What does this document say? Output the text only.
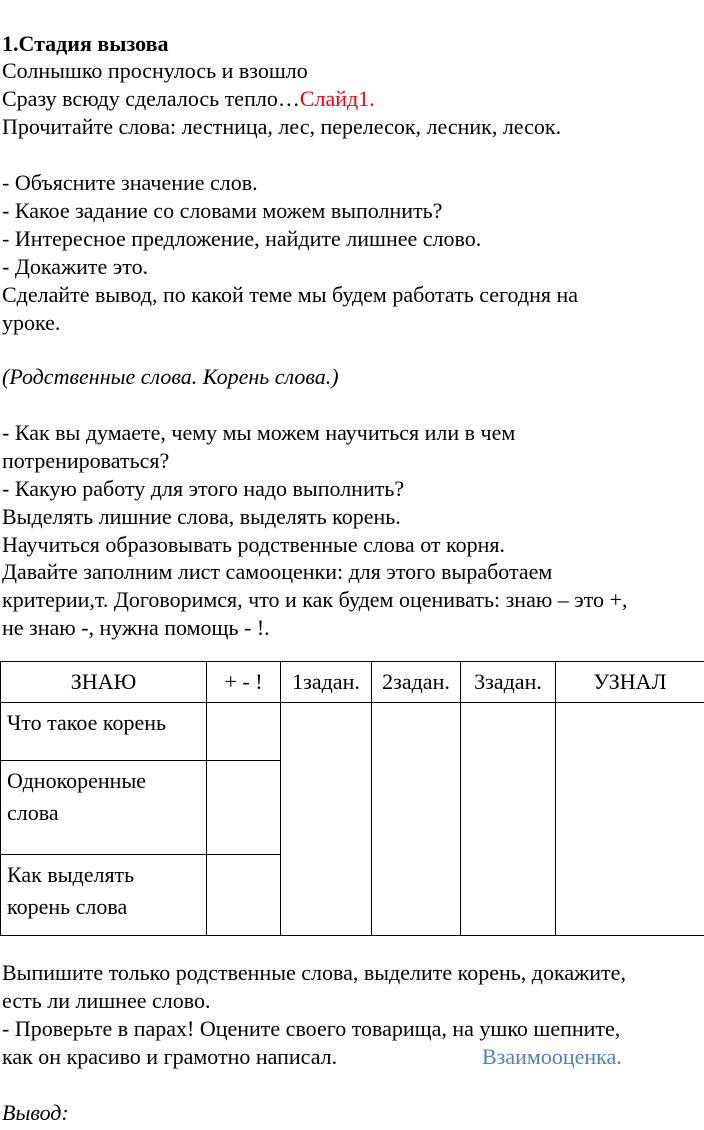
1.Стадия вызова
Солнышко проснулось и взошло
Сразу всюду сделалось тепло…Слайд1.
Прочитайте слова: лестница, лес, перелесок, лесник, лесок.
- Объясните значение слов.
- Какое задание со словами можем выполнить?
- Интересное предложение, найдите лишнее слово.
- Докажите это.
Сделайте вывод, по какой теме мы будем работать сегодня на
уроке.
(Родственные слова. Корень слова.)
- Как вы думаете, чему мы можем научиться или в чем
потренироваться?
- Какую работу для этого надо выполнить?
Выделять лишние слова, выделять корень.
Научиться образовывать родственные слова от корня.
Давайте заполним лист самооценки: для этого выработаем
критерии,т. Договоримся, что и как будем оценивать: знаю – это +,
не знаю -, нужна помощь - !.
ЗНАЮ	+ - !	1задан.	2задан.	3задан.	УЗНАЛ

Что такое корень					

Однокоренные
слова					

Как выделять
корень слова					

Выпишите только родственные слова, выделите корень, докажите,
есть ли лишнее слово.
- Проверьте в парах! Оцените своего товарища, на ушко шепните,
как он красиво и грамотно написал.	Взаимооценка.
Вывод:
